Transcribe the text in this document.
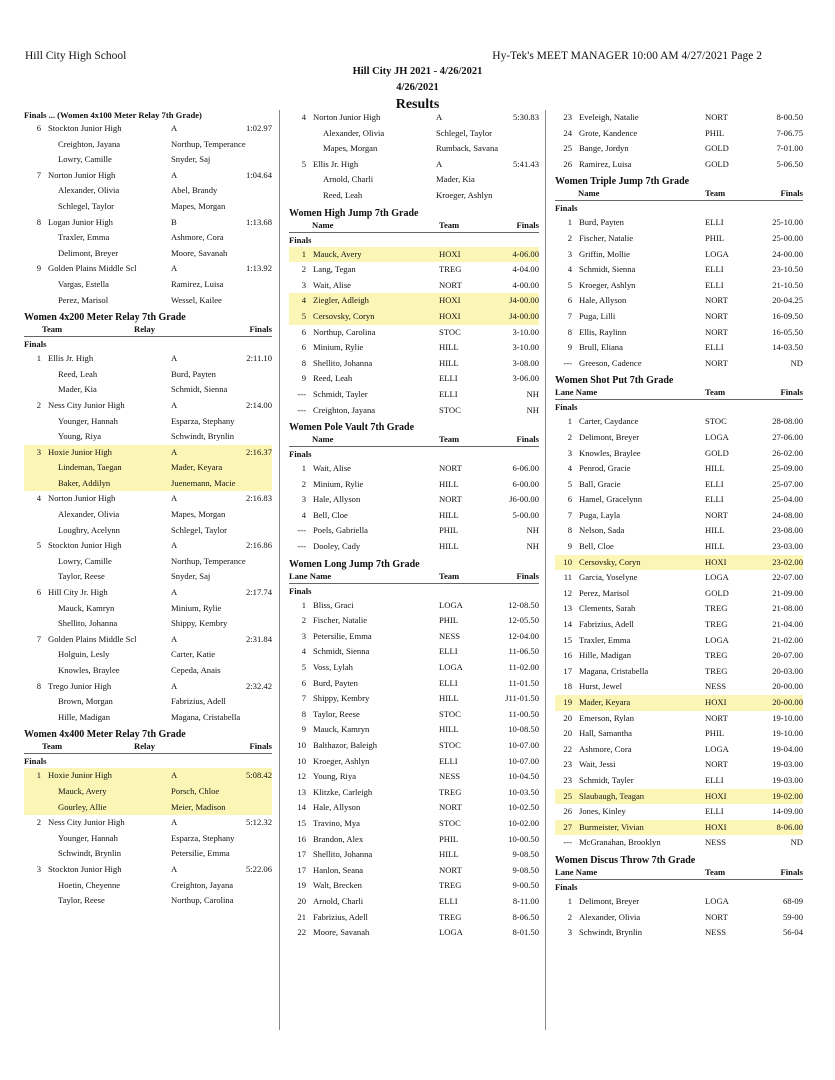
Hill City High School	Hy-Tek's MEET MANAGER 10:00 AM 4/27/2021 Page 2
Hill City JH 2021 - 4/26/2021
4/26/2021
Results
Finals ... (Women 4x100 Meter Relay 7th Grade)
6 Stockton Junior High	A	1:02.97
Creighton, Jayana	Northup, Temperance
Lowry, Camille	Snyder, Saj
7 Norton Junior High	A	1:04.64
Alexander, Olivia	Abel, Brandy
Schlegel, Taylor	Mapes, Morgan
8 Logan Junior High	B	1:13.68
Traxler, Emma	Ashmore, Cora
Delimont, Breyer	Moore, Savanah
9 Golden Plains Middle Scl	A	1:13.92
Vargas, Estella	Ramirez, Luisa
Perez, Marisol	Wessel, Kailee
Women 4x200 Meter Relay 7th Grade
Team	Relay	Finals
Finals
1 Ellis Jr. High	A	2:11.10
Reed, Leah	Burd, Payten
Mader, Kia	Schmidt, Sienna
2 Ness City Junior High	A	2:14.00
Younger, Hannah	Esparza, Stephany
Young, Riya	Schwindt, Brynlin
3 Hoxie Junior High	A	2:16.37
Lindeman, Taegan	Mader, Keyara
Baker, Addilyn	Juenemann, Macie
4 Norton Junior High	A	2:16.83
Alexander, Olivia	Mapes, Morgan
Loughry, Acelynn	Schlegel, Taylor
5 Stockton Junior High	A	2:16.86
Lowry, Camille	Northup, Temperance
Taylor, Reese	Snyder, Saj
6 Hill City Jr. High	A	2:17.74
Mauck, Kamryn	Minium, Rylie
Shellito, Johanna	Shippy, Kembry
7 Golden Plains Middle Scl	A	2:31.84
Holguin, Lesly	Carter, Katie
Knowles, Braylee	Cepeda, Anais
8 Trego Junior High	A	2:32.42
Brown, Morgan	Fabrizius, Adell
Hille, Madigan	Magana, Cristabella
Women 4x400 Meter Relay 7th Grade
Team	Relay	Finals
Finals
1 Hoxie Junior High	A	5:08.42
Mauck, Avery	Porsch, Chloe
Gourley, Allie	Meier, Madison
2 Ness City Junior High	A	5:12.32
Younger, Hannah	Esparza, Stephany
Schwindt, Brynlin	Petersilie, Emma
3 Stockton Junior High	A	5:22.06
Hoetin, Cheyenne	Creighton, Jayana
Taylor, Reese	Northup, Carolina
4 Norton Junior High	A	5:30.83
Alexander, Olivia	Schlegel, Taylor
Mapes, Morgan	Rumback, Savana
5 Ellis Jr. High	A	5:41.43
Arnold, Charli	Mader, Kia
Reed, Leah	Kroeger, Ashlyn
Women High Jump 7th Grade
Name	Team	Finals
Finals
1 Mauck, Avery	HOXI	4-06.00
2 Lang, Tegan	TREG	4-04.00
3 Wait, Alise	NORT	4-00.00
4 Ziegler, Adleigh	HOXI	J4-00.00
5 Cersovsky, Coryn	HOXI	J4-00.00
6 Northup, Carolina	STOC	3-10.00
6 Minium, Rylie	HILL	3-10.00
8 Shellito, Johanna	HILL	3-08.00
9 Reed, Leah	ELLI	3-06.00
--- Schmidt, Tayler	ELLI	NH
--- Creighton, Jayana	STOC	NH
Women Pole Vault 7th Grade
Name	Team	Finals
Finals
1 Wait, Alise	NORT	6-06.00
2 Minium, Rylie	HILL	6-00.00
3 Hale, Allyson	NORT	J6-00.00
4 Bell, Cloe	HILL	5-00.00
--- Poels, Gabriella	PHIL	NH
--- Dooley, Cady	HILL	NH
Women Long Jump 7th Grade
Lane Name	Team	Finals
Finals
1 Bliss, Graci	LOGA	12-08.50
2 Fischer, Natalie	PHIL	12-05.50
3 Petersilie, Emma	NESS	12-04.00
4 Schmidt, Sienna	ELLI	11-06.50
5 Voss, Lylah	LOGA	11-02.00
6 Burd, Payten	ELLI	11-01.50
7 Shippy, Kembry	HILL	J11-01.50
8 Taylor, Reese	STOC	11-00.50
9 Mauck, Kamryn	HILL	10-08.50
10 Balthazor, Baleigh	STOC	10-07.00
10 Kroeger, Ashlyn	ELLI	10-07.00
12 Young, Riya	NESS	10-04.50
13 Klitzke, Carleigh	TREG	10-03.50
14 Hale, Allyson	NORT	10-02.50
15 Travino, Mya	STOC	10-02.00
16 Brandon, Alex	PHIL	10-00.50
17 Shellito, Johanna	HILL	9-08.50
17 Hanlon, Seana	NORT	9-08.50
19 Walt, Brecken	TREG	9-00.50
20 Arnold, Charli	ELLI	8-11.00
21 Fabrizius, Adell	TREG	8-06.50
22 Moore, Savanah	LOGA	8-01.50
23 Eveleigh, Natalie	NORT	8-00.50
24 Grote, Kandence	PHIL	7-06.75
25 Bange, Jordyn	GOLD	7-01.00
26 Ramirez, Luisa	GOLD	5-06.50
Women Triple Jump 7th Grade
Name	Team	Finals
Finals
1 Burd, Payten	ELLI	25-10.00
2 Fischer, Natalie	PHIL	25-00.00
3 Griffin, Mollie	LOGA	24-00.00
4 Schmidt, Sienna	ELLI	23-10.50
5 Kroeger, Ashlyn	ELLI	21-10.50
6 Hale, Allyson	NORT	20-04.25
7 Puga, Lilli	NORT	16-09.50
8 Ellis, Raylinn	NORT	16-05.50
9 Brull, Eliana	ELLI	14-03.50
--- Greeson, Cadence	NORT	ND
Women Shot Put 7th Grade
Lane Name	Team	Finals
Finals
1 Carter, Caydance	STOC	28-08.00
2 Delimont, Breyer	LOGA	27-06.00
3 Knowles, Braylee	GOLD	26-02.00
4 Penrod, Gracie	HILL	25-09.00
5 Ball, Gracie	ELLI	25-07.00
6 Hamel, Gracelynn	ELLI	25-04.00
7 Puga, Layla	NORT	24-08.00
8 Nelson, Sada	HILL	23-08.00
9 Bell, Cloe	HILL	23-03.00
10 Cersovsky, Coryn	HOXI	23-02.00
11 Garcia, Yoselyne	LOGA	22-07.00
12 Perez, Marisol	GOLD	21-09.00
13 Clements, Sarah	TREG	21-08.00
14 Fabrizius, Adell	TREG	21-04.00
15 Traxler, Emma	LOGA	21-02.00
16 Hille, Madigan	TREG	20-07.00
17 Magana, Cristabella	TREG	20-03.00
18 Hurst, Jewel	NESS	20-00.00
19 Mader, Keyara	HOXI	20-00.00
20 Emerson, Rylan	NORT	19-10.00
20 Hall, Samantha	PHIL	19-10.00
22 Ashmore, Cora	LOGA	19-04.00
23 Wait, Jessi	NORT	19-03.00
23 Schmidt, Tayler	ELLI	19-03.00
25 Slaubaugh, Teagan	HOXI	19-02.00
26 Jones, Kinley	ELLI	14-09.00
27 Burmeister, Vivian	HOXI	8-06.00
--- McGranahan, Brooklyn	NESS	ND
Women Discus Throw 7th Grade
Lane Name	Team	Finals
Finals
1 Delimont, Breyer	LOGA	68-09
2 Alexander, Olivia	NORT	59-00
3 Schwindt, Brynlin	NESS	56-04
